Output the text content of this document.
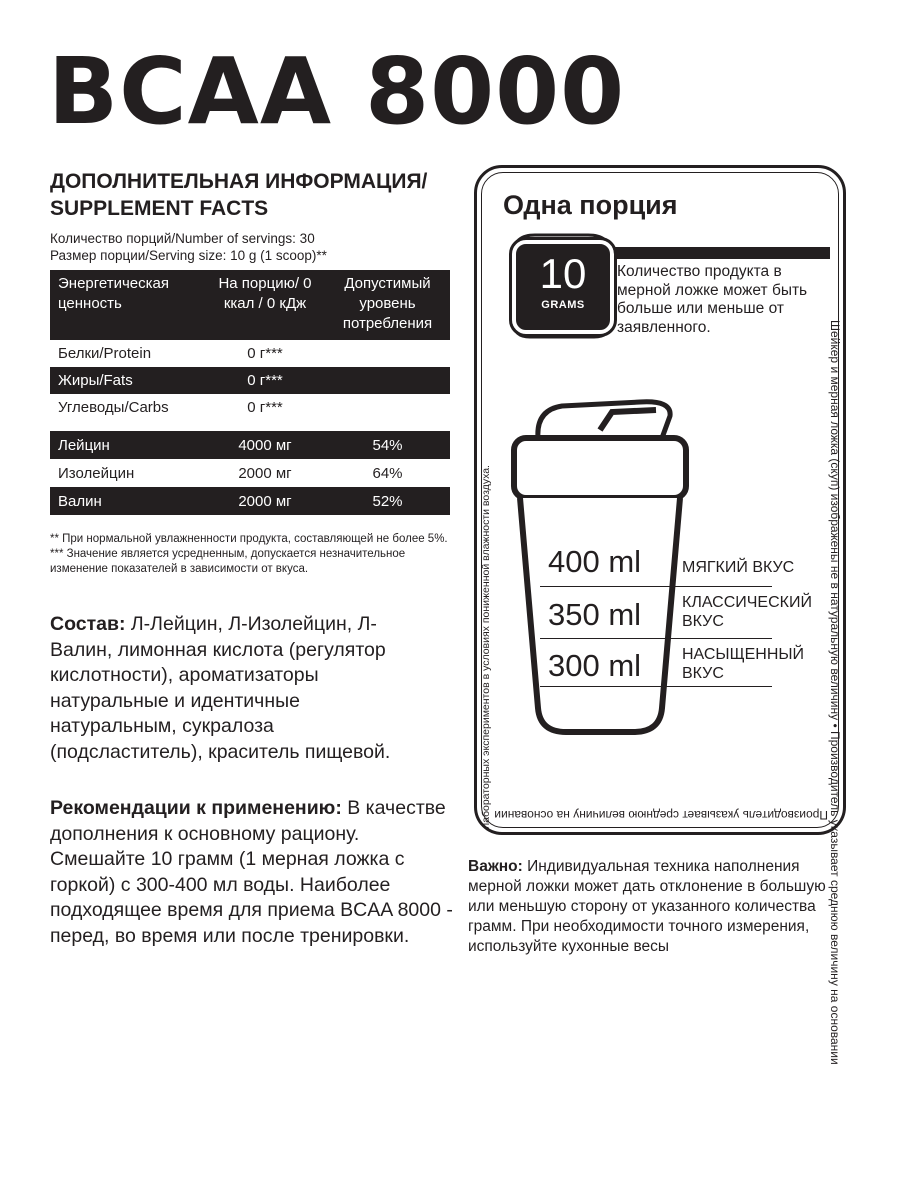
BCAA 8000
ДОПОЛНИТЕЛЬНАЯ ИНФОРМАЦИЯ/
SUPPLEMENT FACTS
Количество порций/Number of servings: 30
Размер порции/Serving size: 10 g (1 scoop)**
Энергетическая ценность	На порцию/ 0 ккал / 0 кДж	Допустимый уровень потребления
Белки/Protein	0 г***	
Жиры/Fats	0 г***	
Углеводы/Carbs	0 г***	

Лейцин	4000 мг	54%
Изолейцин	2000 мг	64%
Валин	2000 мг	52%
** При нормальной увлажненности продукта, составляющей не более 5%.
*** Значение является усредненным, допускается незначительное изменение показателей в зависимости от вкуса.
Состав: Л-Лейцин, Л-Изолейцин, Л-Валин, лимонная кислота (регулятор кислотности), ароматизаторы натуральные и идентичные натуральным, сукралоза (подсластитель), краситель пищевой.
Рекомендации к применению: В качестве дополнения к основному рациону. Смешайте 10 грамм (1 мерная ложка с горкой) с 300-400 мл воды. Наиболее подходящее время для приема BCAA 8000 - перед, во время или после тренировки.
Одна порция
10
GRAMS
Количество продукта в мерной ложке может быть больше или меньше от заявленного.
лабораторных экспериментов в условиях пониженной влажности воздуха.	Шейкер и мерная ложка (скуп) изображены не в натуральную величину • Производитель указывает среднюю величину на основании
Производитель указывает среднюю величину на основании
400 ml
350 ml
300 ml
МЯГКИЙ ВКУС
КЛАССИЧЕСКИЙ ВКУС
НАСЫЩЕННЫЙ ВКУС
Важно: Индивидуальная техника наполнения мерной ложки может дать отклонение в большую или меньшую сторону от указанного количества грамм. При необходимости точного измерения, используйте кухонные весы
